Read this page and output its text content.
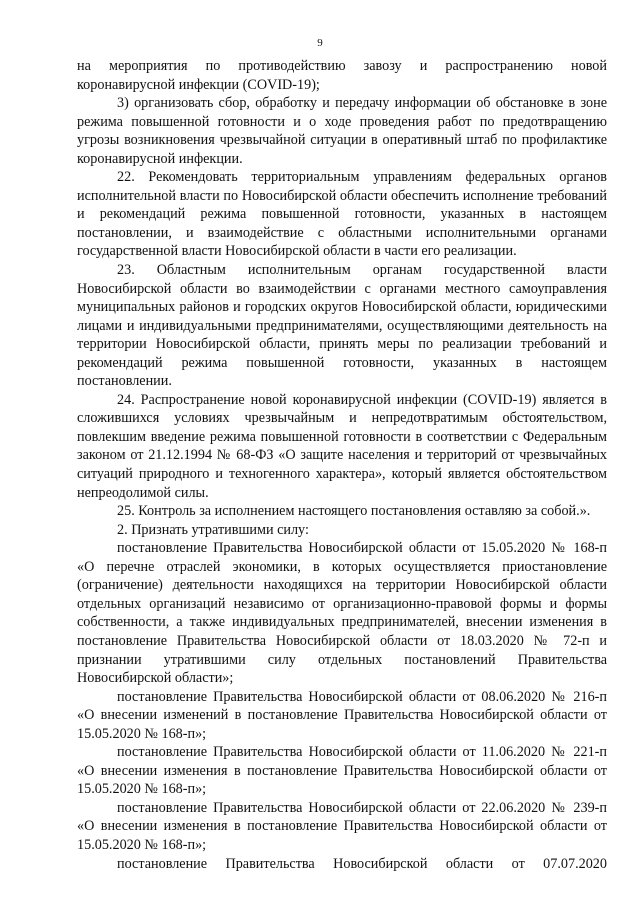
9

на мероприятия по противодействию завозу и распространению новой коронавирусной инфекции (COVID-19);

3) организовать сбор, обработку и передачу информации об обстановке в зоне режима повышенной готовности и о ходе проведения работ по предотвращению угрозы возникновения чрезвычайной ситуации в оперативный штаб по профилактике коронавирусной инфекции.

22. Рекомендовать территориальным управлениям федеральных органов исполнительной власти по Новосибирской области обеспечить исполнение требований и рекомендаций режима повышенной готовности, указанных в настоящем постановлении, и взаимодействие с областными исполнительными органами государственной власти Новосибирской области в части его реализации.

23. Областным исполнительным органам государственной власти Новосибирской области во взаимодействии с органами местного самоуправления муниципальных районов и городских округов Новосибирской области, юридическими лицами и индивидуальными предпринимателями, осуществляющими деятельность на территории Новосибирской области, принять меры по реализации требований и рекомендаций режима повышенной готовности, указанных в настоящем постановлении.

24. Распространение новой коронавирусной инфекции (COVID-19) является в сложившихся условиях чрезвычайным и непредотвратимым обстоятельством, повлекшим введение режима повышенной готовности в соответствии с Федеральным законом от 21.12.1994 № 68-ФЗ «О защите населения и территорий от чрезвычайных ситуаций природного и техногенного характера», который является обстоятельством непреодолимой силы.

25. Контроль за исполнением настоящего постановления оставляю за собой.».

2. Признать утратившими силу:

постановление Правительства Новосибирской области от 15.05.2020 № 168-п «О перечне отраслей экономики, в которых осуществляется приостановление (ограничение) деятельности находящихся на территории Новосибирской области отдельных организаций независимо от организационно-правовой формы и формы собственности, а также индивидуальных предпринимателей, внесении изменения в постановление Правительства Новосибирской области от 18.03.2020 № 72-п и признании утратившими силу отдельных постановлений Правительства Новосибирской области»;

постановление Правительства Новосибирской области от 08.06.2020 № 216-п «О внесении изменений в постановление Правительства Новосибирской области от 15.05.2020 № 168-п»;

постановление Правительства Новосибирской области от 11.06.2020 № 221-п «О внесении изменения в постановление Правительства Новосибирской области от 15.05.2020 № 168-п»;

постановление Правительства Новосибирской области от 22.06.2020 № 239-п «О внесении изменения в постановление Правительства Новосибирской области от 15.05.2020 № 168-п»;

постановление Правительства Новосибирской области от 07.07.2020
